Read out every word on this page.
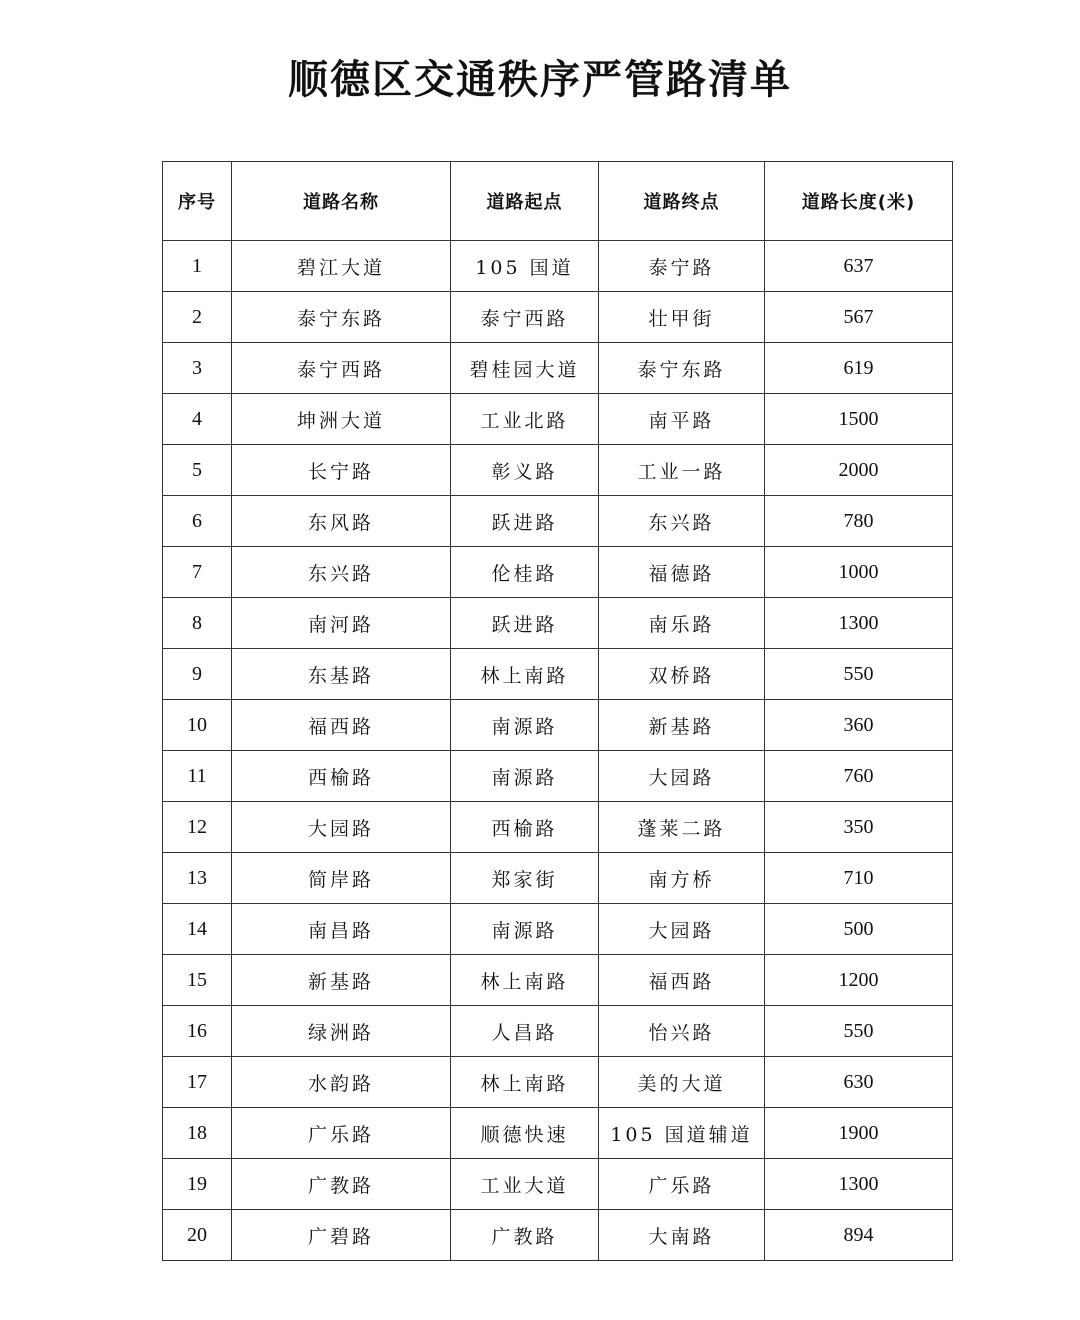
顺德区交通秩序严管路清单
序号	道路名称	道路起点	道路终点	道路长度(米)
1	碧江大道	105 国道	泰宁路	637
2	泰宁东路	泰宁西路	壮甲街	567
3	泰宁西路	碧桂园大道	泰宁东路	619
4	坤洲大道	工业北路	南平路	1500
5	长宁路	彰义路	工业一路	2000
6	东风路	跃进路	东兴路	780
7	东兴路	伦桂路	福德路	1000
8	南河路	跃进路	南乐路	1300
9	东基路	林上南路	双桥路	550
10	福西路	南源路	新基路	360
11	西榆路	南源路	大园路	760
12	大园路	西榆路	蓬莱二路	350
13	简岸路	郑家街	南方桥	710
14	南昌路	南源路	大园路	500
15	新基路	林上南路	福西路	1200
16	绿洲路	人昌路	怡兴路	550
17	水韵路	林上南路	美的大道	630
18	广乐路	顺德快速	105 国道辅道	1900
19	广教路	工业大道	广乐路	1300
20	广碧路	广教路	大南路	894
